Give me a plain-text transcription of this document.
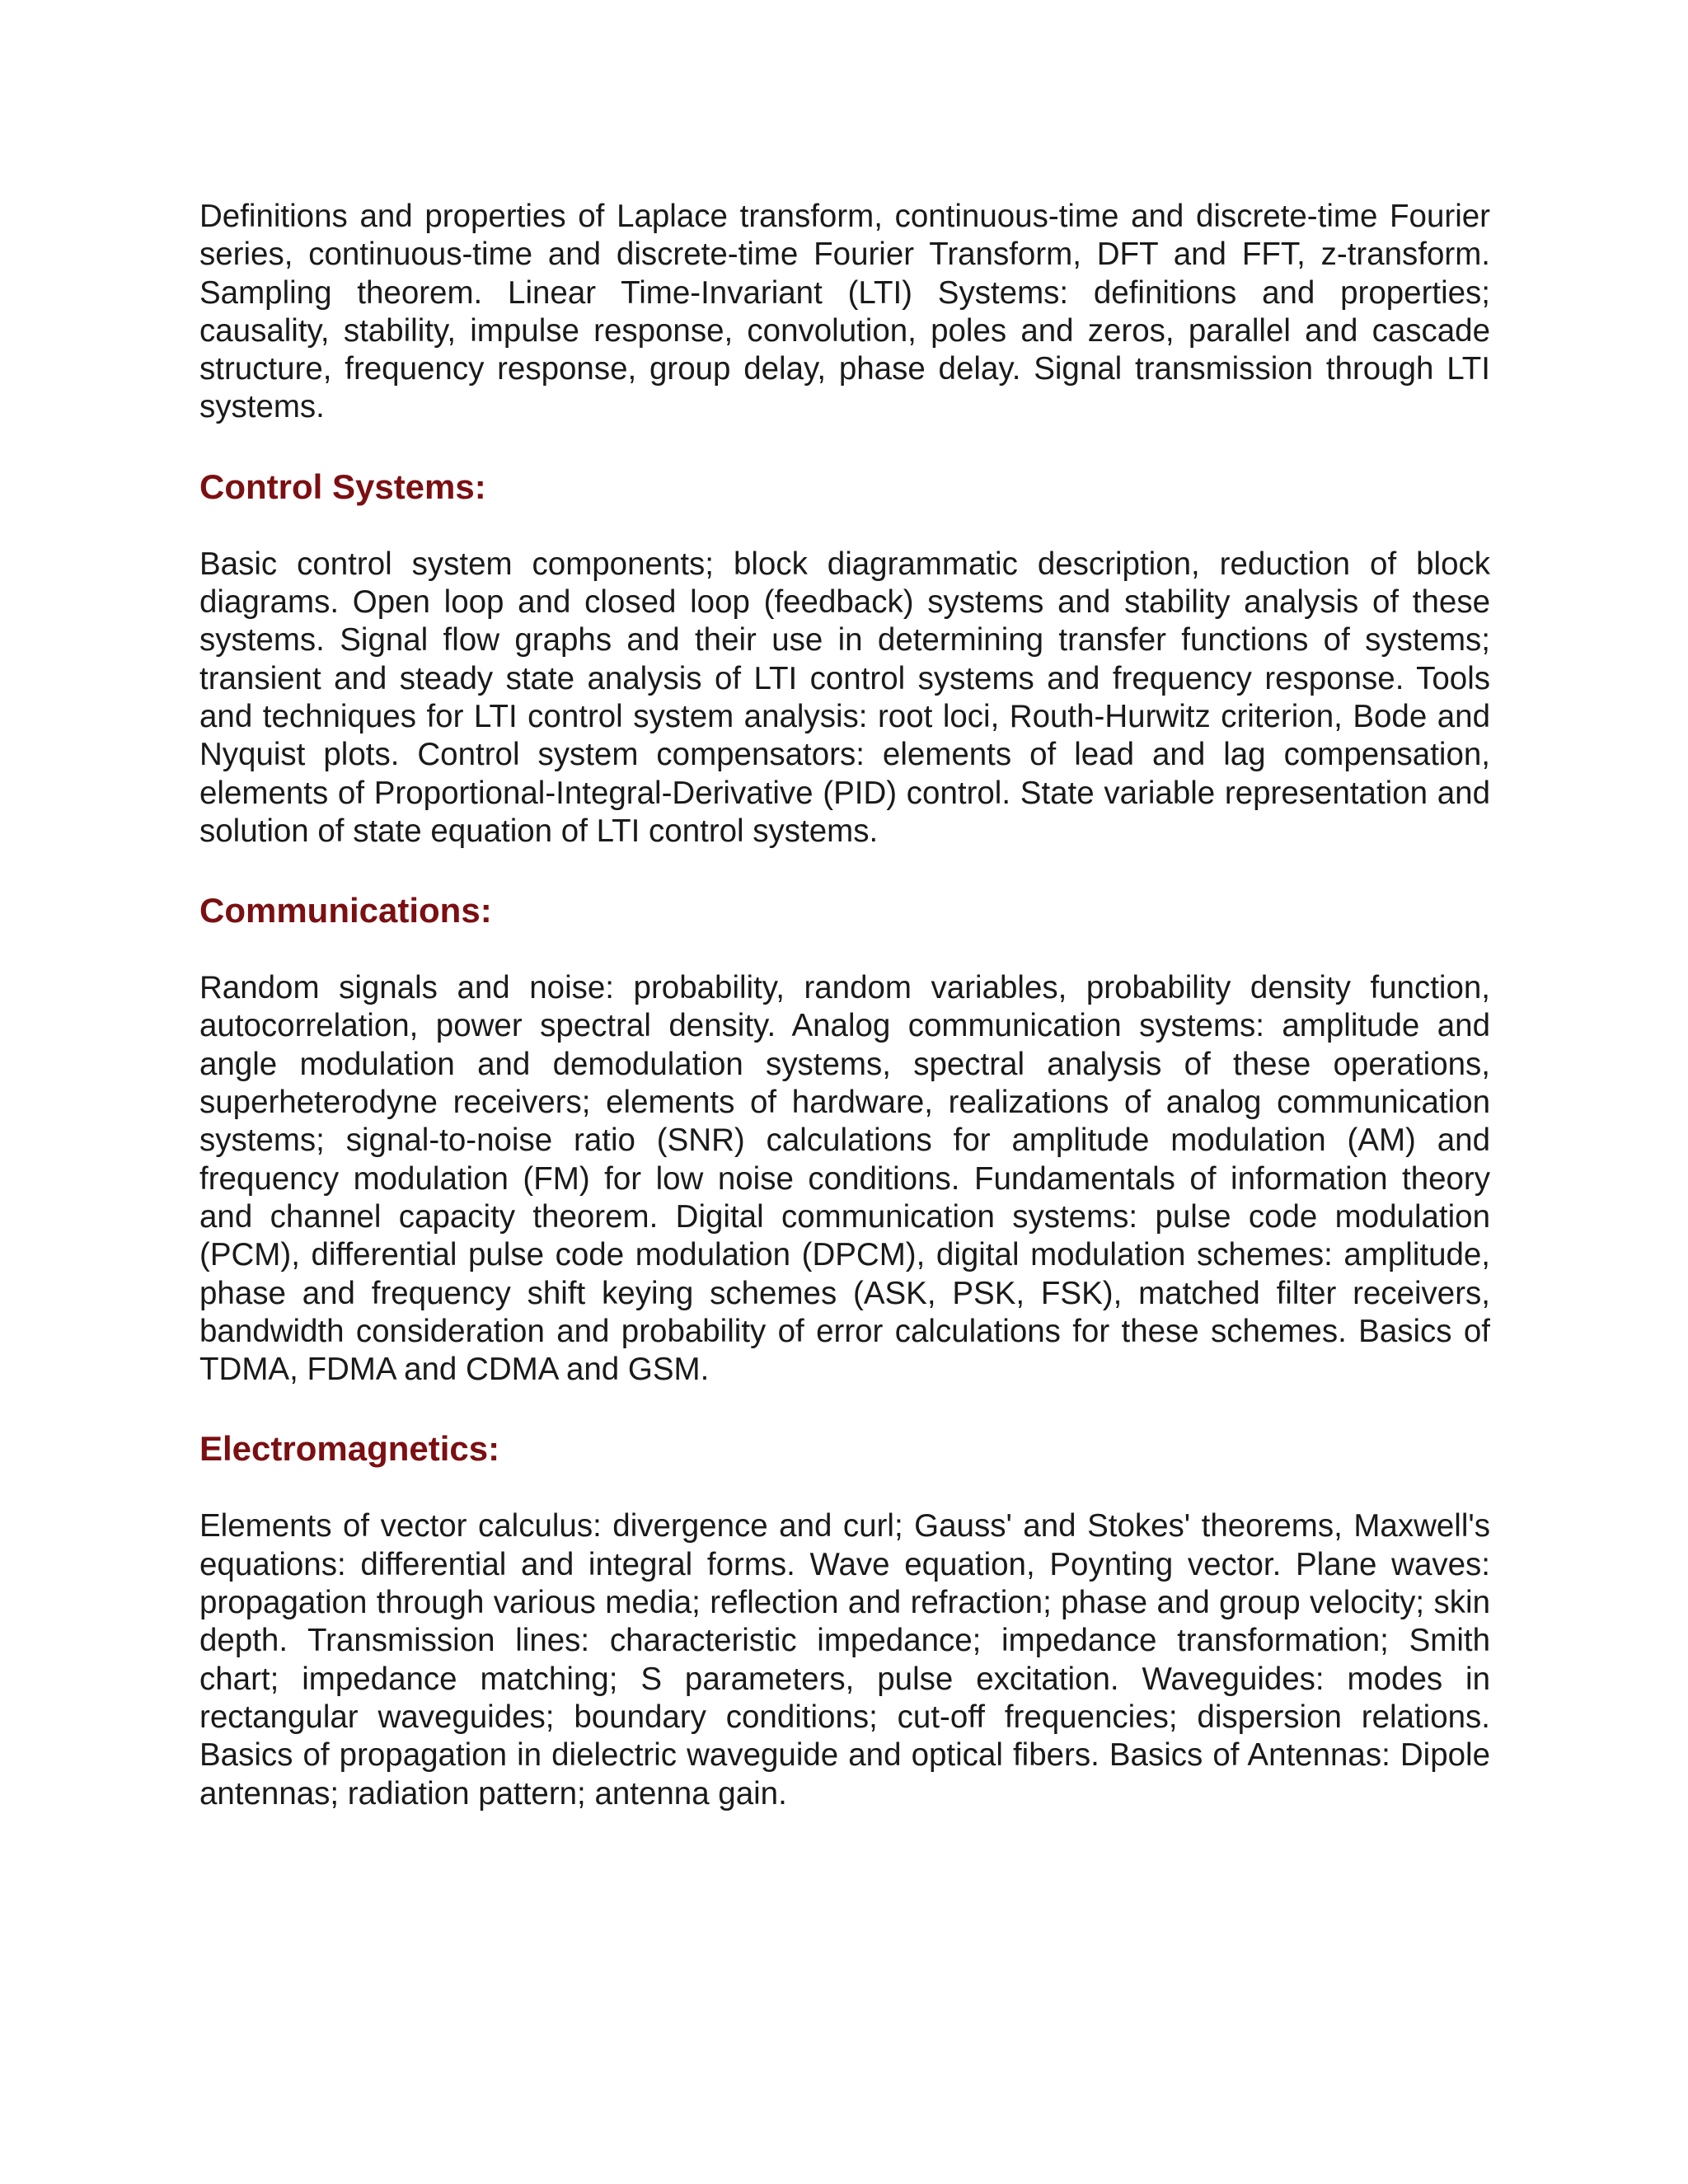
Definitions and properties of Laplace transform, continuous-time and discrete-time Fourier series, continuous-time and discrete-time Fourier Transform, DFT and FFT, z-transform. Sampling theorem. Linear Time-Invariant (LTI) Systems: definitions and properties; causality, stability, impulse response, convolution, poles and zeros, parallel and cascade structure, frequency response, group delay, phase delay. Signal transmission through LTI systems.

Control Systems:

Basic control system components; block diagrammatic description, reduction of block diagrams. Open loop and closed loop (feedback) systems and stability analysis of these systems. Signal flow graphs and their use in determining transfer functions of systems; transient and steady state analysis of LTI control systems and frequency response. Tools and techniques for LTI control system analysis: root loci, Routh-Hurwitz criterion, Bode and Nyquist plots. Control system compensators: elements of lead and lag compensation, elements of Proportional-Integral-Derivative (PID) control. State variable representation and solution of state equation of LTI control systems.

Communications:

Random signals and noise: probability, random variables, probability density function, autocorrelation, power spectral density. Analog communication systems: amplitude and angle modulation and demodulation systems, spectral analysis of these operations, superheterodyne receivers; elements of hardware, realizations of analog communication systems; signal-to-noise ratio (SNR) calculations for amplitude modulation (AM) and frequency modulation (FM) for low noise conditions. Fundamentals of information theory and channel capacity theorem. Digital communication systems: pulse code modulation (PCM), differential pulse code modulation (DPCM), digital modulation schemes: amplitude, phase and frequency shift keying schemes (ASK, PSK, FSK), matched filter receivers, bandwidth consideration and probability of error calculations for these schemes. Basics of TDMA, FDMA and CDMA and GSM.

Electromagnetics:

Elements of vector calculus: divergence and curl; Gauss' and Stokes' theorems, Maxwell's equations: differential and integral forms. Wave equation, Poynting vector. Plane waves: propagation through various media; reflection and refraction; phase and group velocity; skin depth. Transmission lines: characteristic impedance; impedance transformation; Smith chart; impedance matching; S parameters, pulse excitation. Waveguides: modes in rectangular waveguides; boundary conditions; cut-off frequencies; dispersion relations. Basics of propagation in dielectric waveguide and optical fibers. Basics of Antennas: Dipole antennas; radiation pattern; antenna gain.
